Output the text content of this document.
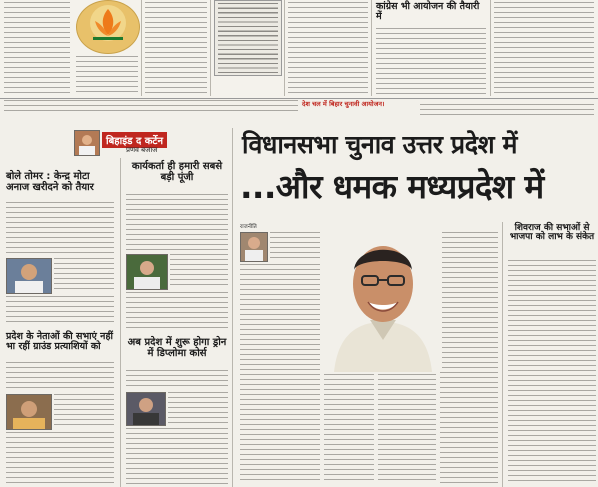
कांग्रेस भी आयोजन की तैयारी में
देश चल में बिहार चुनावी आयोजन।
बिहाइंड द कर्टेन
प्रणव बजाज
बोले तोमर : केन्द्र मोटा अनाज खरीदने को तैयार
प्रदेश के नेताओं की सभाएं नहीं भा रहीं ग्राउंड प्रत्याशियों को
कार्यकर्ता ही हमारी सबसे बड़ी पूंजी
अब प्रदेश में शुरू होगा ड्रोन में डिप्लोमा कोर्स
विधानसभा चुनाव उत्तर प्रदेश में
...और धमक मध्यप्रदेश में
राजनीति	शिवराज की सभाओं से भाजपा को लाभ के संकेत
